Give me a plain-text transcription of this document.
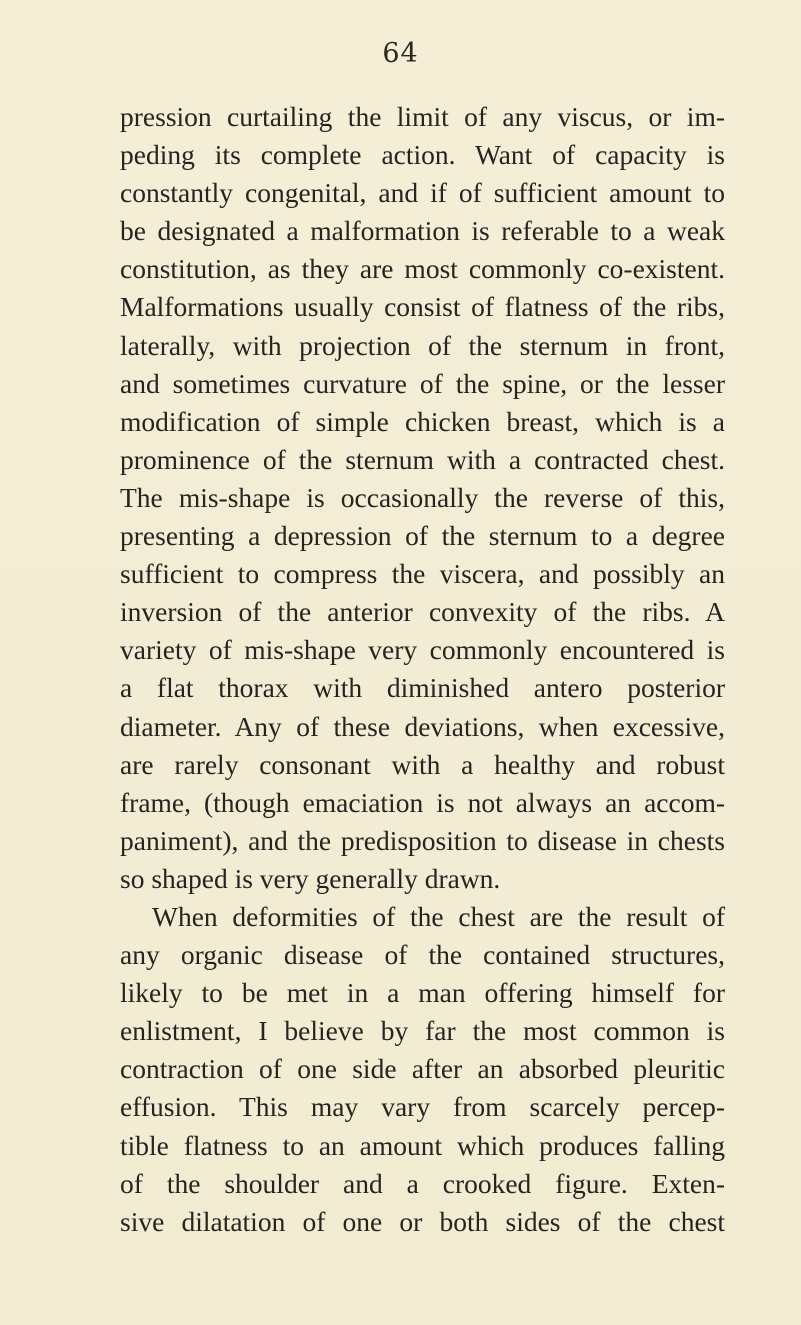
64
pression curtailing the limit of any viscus, or im-
peding its complete action. Want of capacity is
constantly congenital, and if of sufficient amount to
be designated a malformation is referable to a weak
constitution, as they are most commonly co-existent.
Malformations usually consist of flatness of the ribs,
laterally, with projection of the sternum in front,
and sometimes curvature of the spine, or the lesser
modification of simple chicken breast, which is a
prominence of the sternum with a contracted chest.
The mis-shape is occasionally the reverse of this,
presenting a depression of the sternum to a degree
sufficient to compress the viscera, and possibly an
inversion of the anterior convexity of the ribs. A
variety of mis-shape very commonly encountered is
a flat thorax with diminished antero posterior
diameter. Any of these deviations, when excessive,
are rarely consonant with a healthy and robust
frame, (though emaciation is not always an accom-
paniment), and the predisposition to disease in chests
so shaped is very generally drawn.
When deformities of the chest are the result of
any organic disease of the contained structures,
likely to be met in a man offering himself for
enlistment, I believe by far the most common is
contraction of one side after an absorbed pleuritic
effusion. This may vary from scarcely percep-
tible flatness to an amount which produces falling
of the shoulder and a crooked figure. Exten-
sive dilatation of one or both sides of the chest
